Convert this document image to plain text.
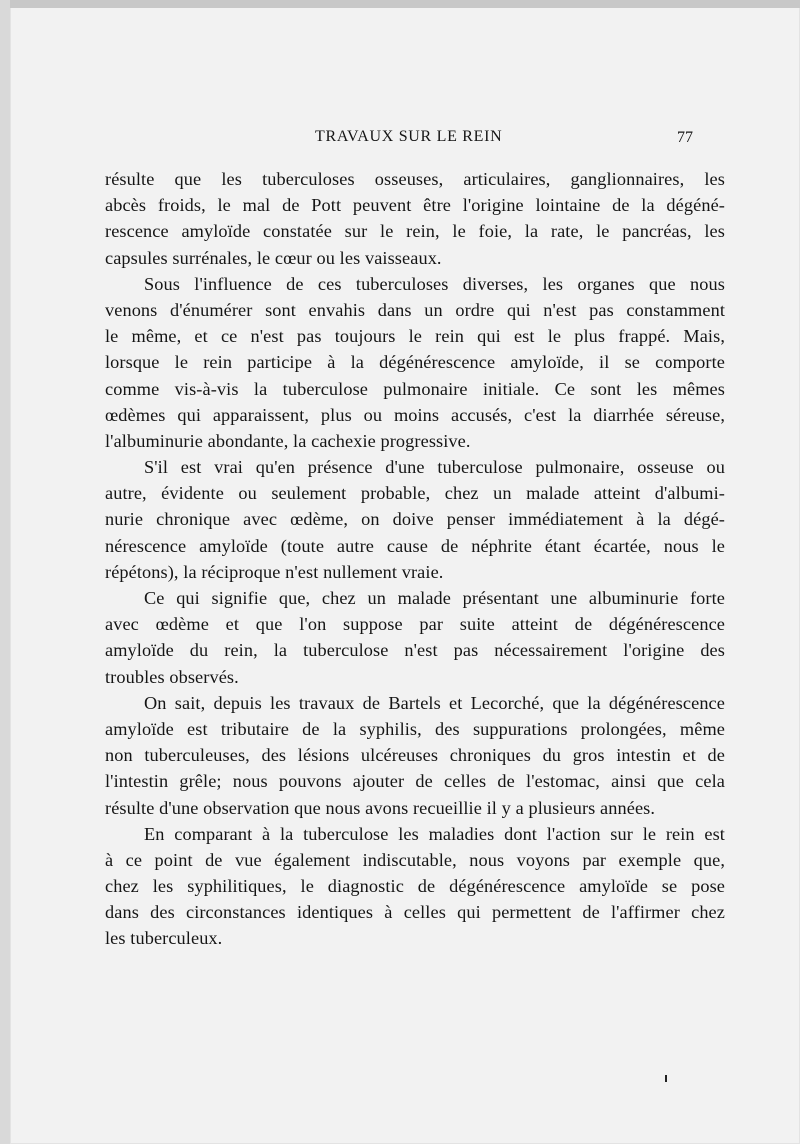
TRAVAUX SUR LE REIN	77

résulte que les tuberculoses osseuses, articulaires, ganglionnaires, les
abcès froids, le mal de Pott peuvent être l'origine lointaine de la dégéné-
rescence amyloïde constatée sur le rein, le foie, la rate, le pancréas, les
capsules surrénales, le cœur ou les vaisseaux.

Sous l'influence de ces tuberculoses diverses, les organes que nous
venons d'énumérer sont envahis dans un ordre qui n'est pas constamment
le même, et ce n'est pas toujours le rein qui est le plus frappé. Mais,
lorsque le rein participe à la dégénérescence amyloïde, il se comporte
comme vis-à-vis la tuberculose pulmonaire initiale. Ce sont les mêmes
œdèmes qui apparaissent, plus ou moins accusés, c'est la diarrhée séreuse,
l'albuminurie abondante, la cachexie progressive.

S'il est vrai qu'en présence d'une tuberculose pulmonaire, osseuse ou
autre, évidente ou seulement probable, chez un malade atteint d'albumi-
nurie chronique avec œdème, on doive penser immédiatement à la dégé-
nérescence amyloïde (toute autre cause de néphrite étant écartée, nous le
répétons), la réciproque n'est nullement vraie.

Ce qui signifie que, chez un malade présentant une albuminurie forte
avec œdème et que l'on suppose par suite atteint de dégénérescence
amyloïde du rein, la tuberculose n'est pas nécessairement l'origine des
troubles observés.

On sait, depuis les travaux de Bartels et Lecorché, que la dégénérescence
amyloïde est tributaire de la syphilis, des suppurations prolongées, même
non tuberculeuses, des lésions ulcéreuses chroniques du gros intestin et de
l'intestin grêle; nous pouvons ajouter de celles de l'estomac, ainsi que cela
résulte d'une observation que nous avons recueillie il y a plusieurs années.

En comparant à la tuberculose les maladies dont l'action sur le rein est
à ce point de vue également indiscutable, nous voyons par exemple que,
chez les syphilitiques, le diagnostic de dégénérescence amyloïde se pose
dans des circonstances identiques à celles qui permettent de l'affirmer chez
les tuberculeux.
